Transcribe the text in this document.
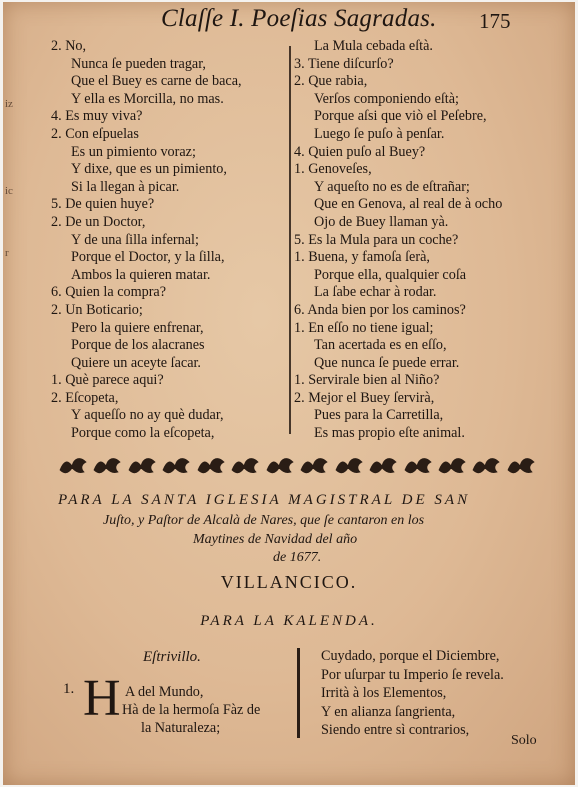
iz
ic
r
Claſſe I. Poeſias Sagradas. 175
2. No,
Nunca ſe pueden tragar,
Que el Buey es carne de baca,
Y ella es Morcilla, no mas.
4. Es muy viva?
2. Con eſpuelas
Es un pimiento voraz;
Y dixe, que es un pimiento,
Si la llegan à picar.
5. De quien huye?
2. De un Doctor,
Y de una ſilla infernal;
Porque el Doctor, y la ſilla,
Ambos la quieren matar.
6. Quien la compra?
2. Un Boticario;
Pero la quiere enfrenar,
Porque de los alacranes
Quiere un aceyte ſacar.
1. Què parece aqui?
2. Eſcopeta,
Y aqueſſo no ay què dudar,
Porque como la eſcopeta,
La Mula cebada eſtà.
3. Tiene diſcurſo?
2. Que rabia,
Verſos componiendo eſtà;
Porque aſsi que viò el Peſebre,
Luego ſe puſo à penſar.
4. Quien puſo al Buey?
1. Genoveſes,
Y aqueſto no es de eſtrañar;
Que en Genova, al real de à ocho
Ojo de Buey llaman yà.
5. Es la Mula para un coche?
1. Buena, y famoſa ſerà,
Porque ella, qualquier coſa
La ſabe echar à rodar.
6. Anda bien por los caminos?
1. En eſſo no tiene igual;
Tan acertada es en eſſo,
Que nunca ſe puede errar.
1. Servirale bien al Niño?
2. Mejor el Buey ſervirà,
Pues para la Carretilla,
Es mas propio eſte animal.
PARA LA SANTA IGLESIA MAGISTRAL DE SAN
Juſto, y Paſtor de Alcalà de Nares, que ſe cantaron en los
Maytines de Navidad del año
de 1677.
VILLANCICO.
PARA LA KALENDA.
Eſtrivillo.	Cuydado, porque el Diciembre,
Por uſurpar tu Imperio ſe revela.
Irrità à los Elementos,
Y en alianza ſangrienta,
Siendo entre sì contrarios,
1. H A del Mundo,
Hà de la hermoſa Fàz de
la Naturaleza;
Solo
